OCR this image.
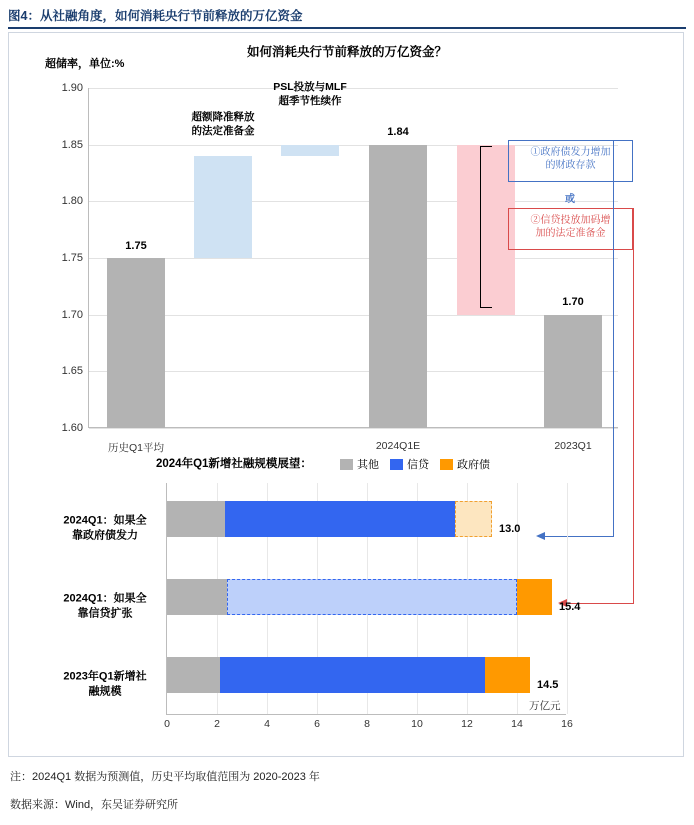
图4：从社融角度，如何消耗央行节前释放的万亿资金
如何消耗央行节前释放的万亿资金？
超储率，单位:%
1.90
1.85
1.80
1.75
1.70
1.65
1.60
1.75
1.84
1.70
历史Q1平均	2024Q1E	2023Q1
超额降准释放
的法定准备金
PSL投放与MLF
超季节性续作
①政府债发力增加
的财政存款
或
②信贷投放加码增
加的法定准备金
2024年Q1新增社融规模展望：	其他	信贷	政府债
0	2	4	6	8	10	12	14	16
2024Q1：如果全
靠政府债发力
2024Q1：如果全
靠信贷扩张
2023年Q1新增社
融规模
13.0
15.4
14.5
万亿元
注：2024Q1 数据为预测值，历史平均取值范围为 2020-2023 年
数据来源：Wind，东吴证券研究所
